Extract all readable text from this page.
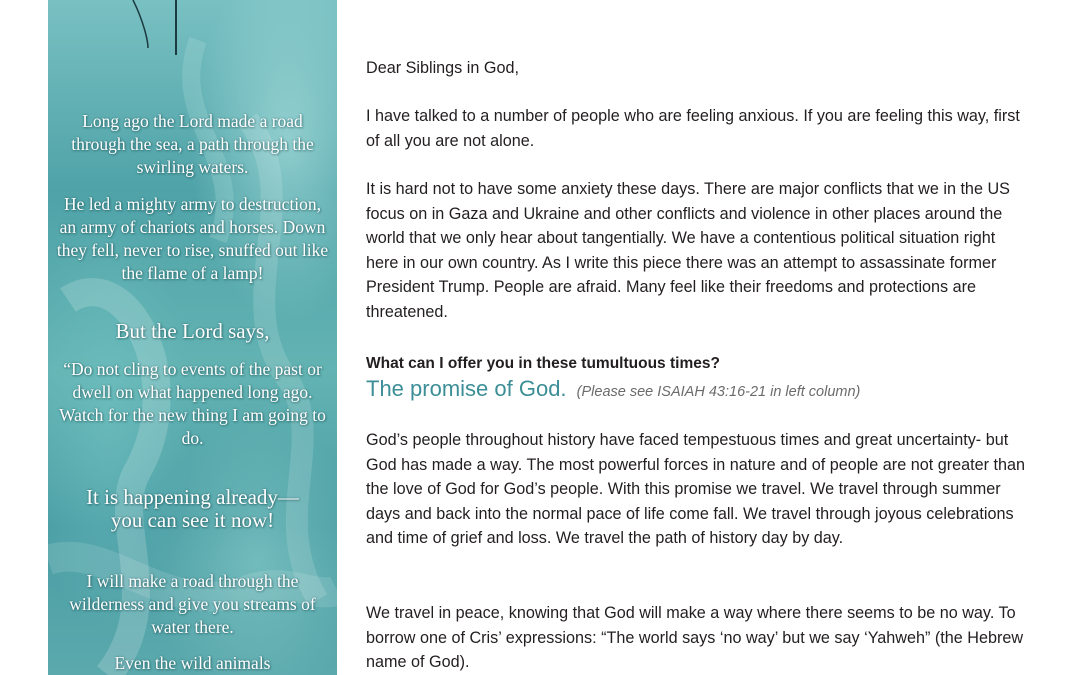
Long ago the Lord made a road through the sea, a path through the swirling waters.

He led a mighty army to destruction, an army of chariots and horses. Down they fell, never to rise, snuffed out like the flame of a lamp!

But the Lord says,

“Do not cling to events of the past or dwell on what happened long ago. Watch for the new thing I am going to do.

It is happening already— you can see it now!

I will make a road through the wilderness and give you streams of water there.

Even the wild animals

Dear Siblings in God,

I have talked to a number of people who are feeling anxious. If you are feeling this way, first of all you are not alone.

It is hard not to have some anxiety these days. There are major conflicts that we in the US focus on in Gaza and Ukraine and other conflicts and violence in other places around the world that we only hear about tangentially. We have a contentious political situation right here in our own country. As I write this piece there was an attempt to assassinate former President Trump. People are afraid. Many feel like their freedoms and protections are threatened.

What can I offer you in these tumultuous times?

The promise of God. (Please see ISAIAH 43:16-21 in left column)

God’s people throughout history have faced tempestuous times and great uncertainty- but God has made a way. The most powerful forces in nature and of people are not greater than the love of God for God’s people. With this promise we travel. We travel through summer days and back into the normal pace of life come fall. We travel through joyous celebrations and time of grief and loss. We travel the path of history day by day.

We travel in peace, knowing that God will make a way where there seems to be no way. To borrow one of Cris’ expressions: “The world says ‘no way’ but we say ‘Yahweh” (the Hebrew name of God).
